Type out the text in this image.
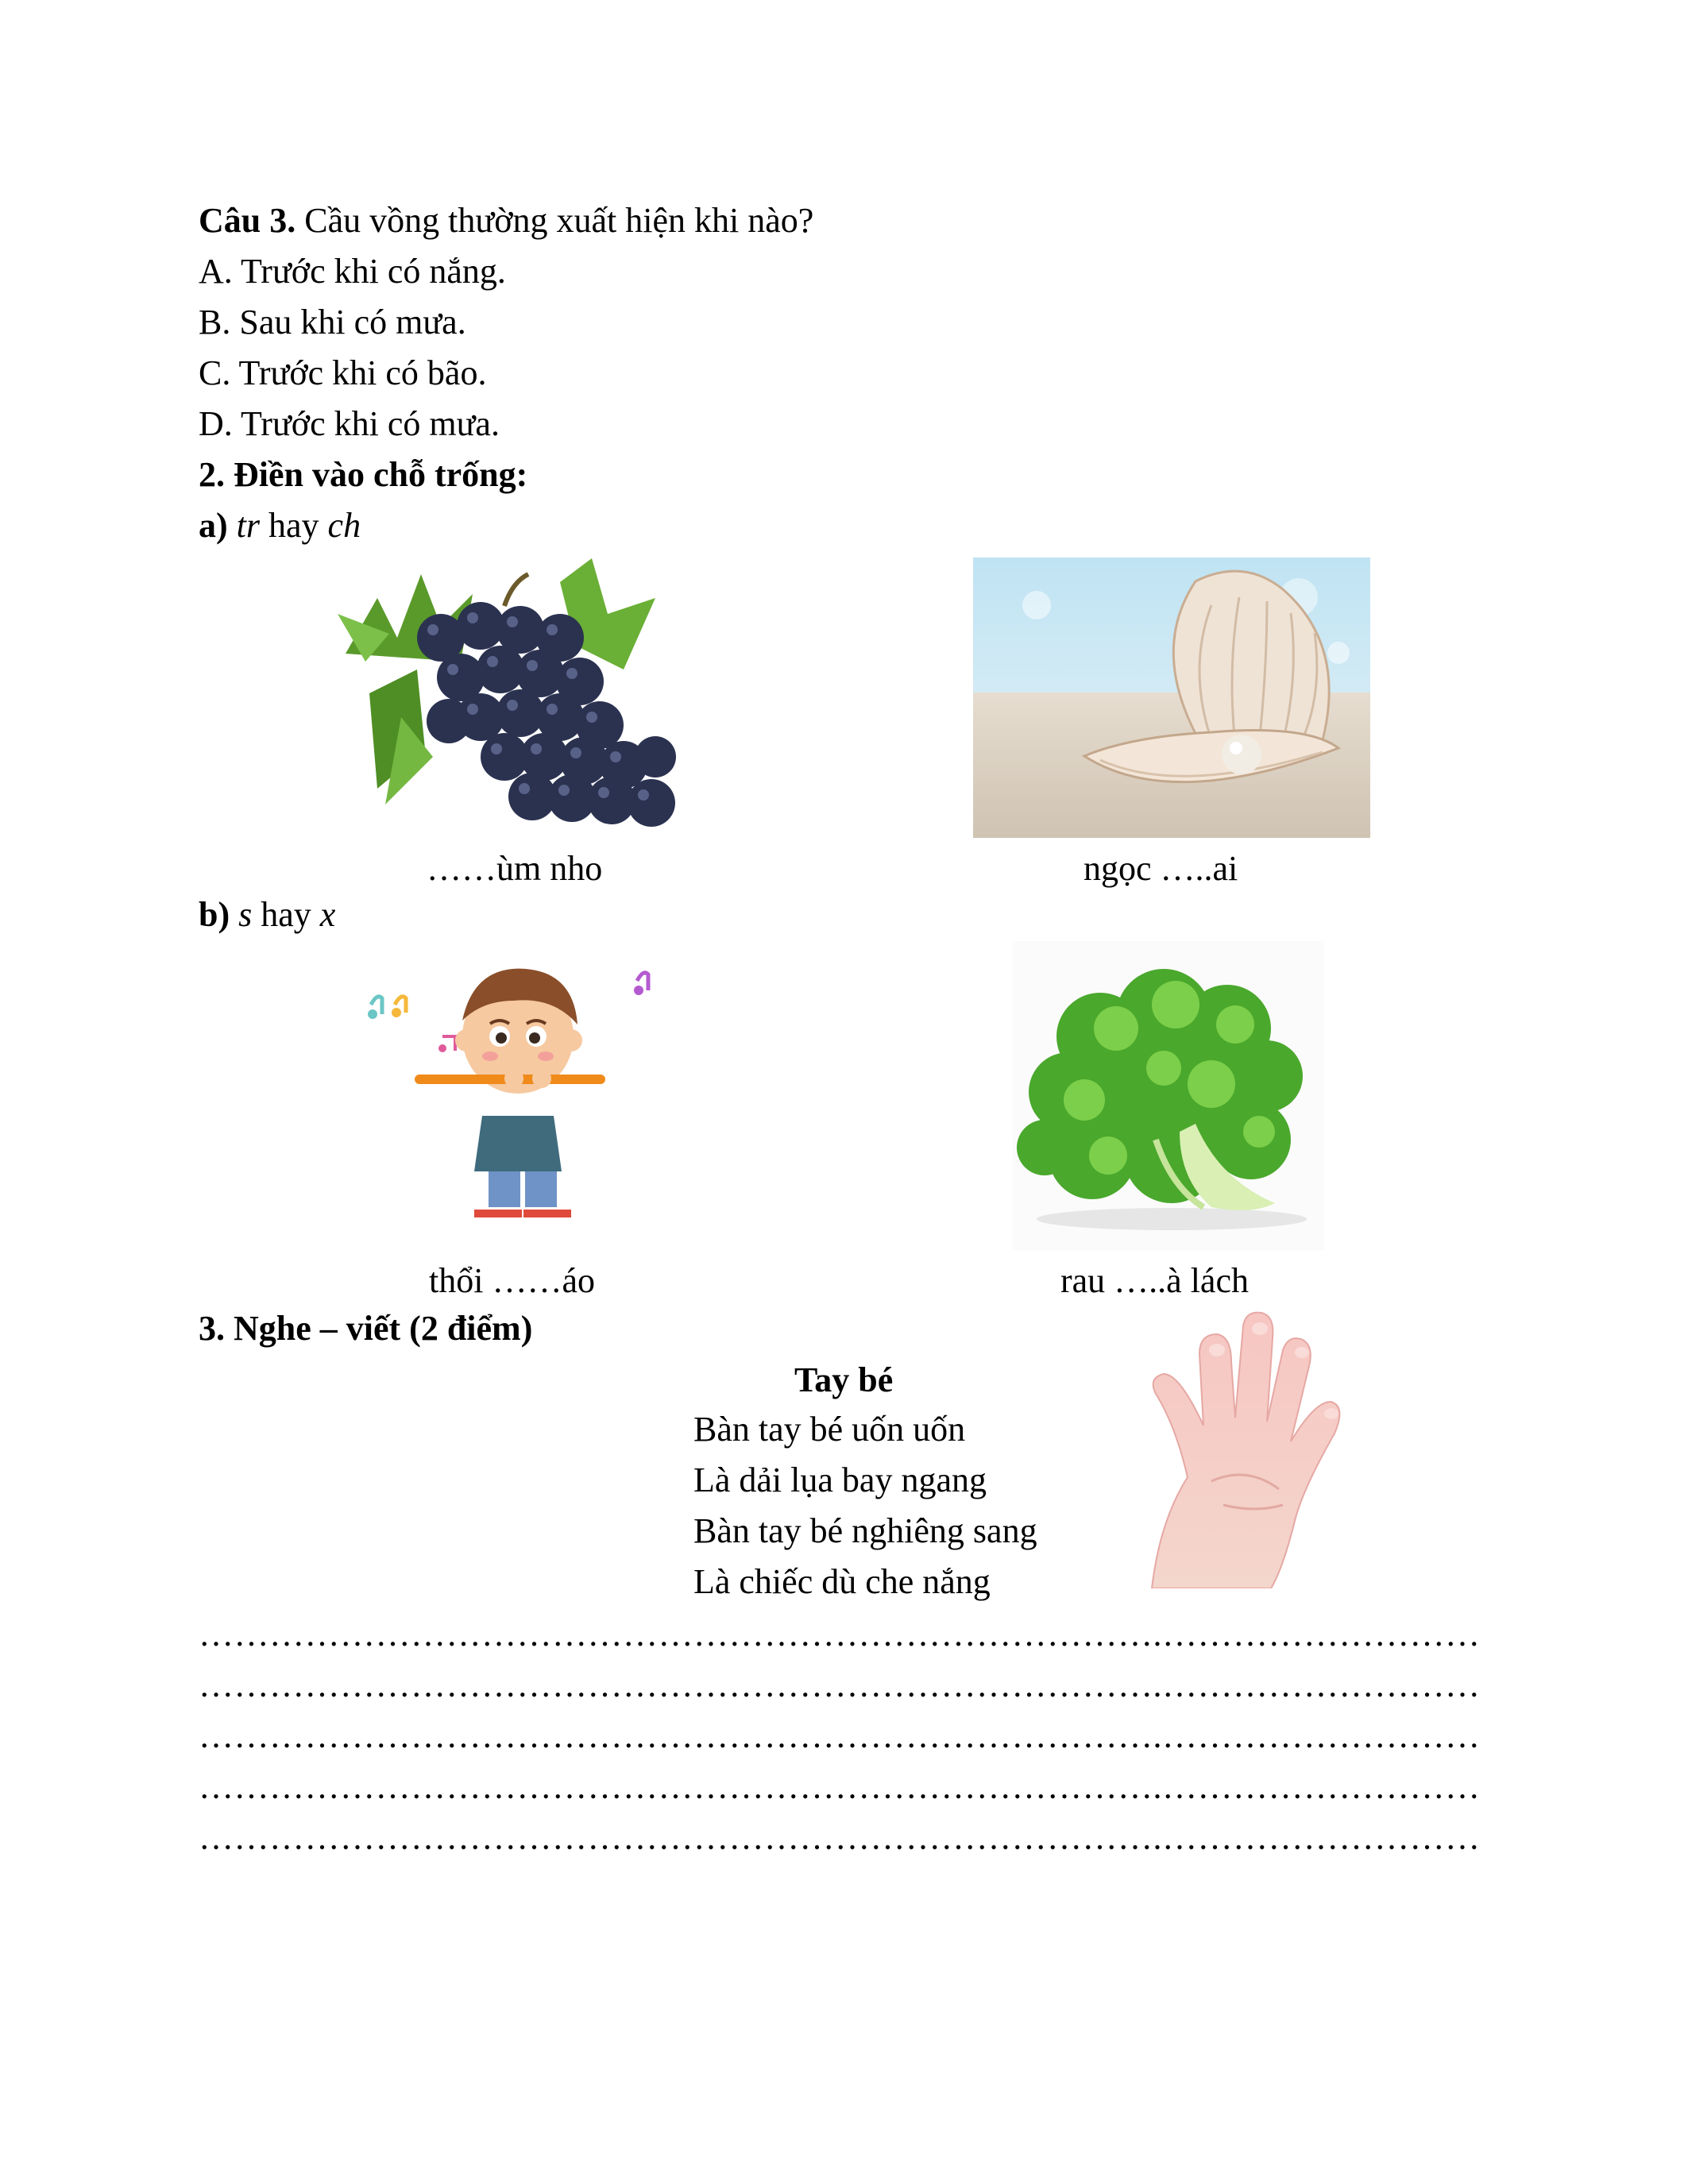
Câu 3. Cầu vồng thường xuất hiện khi nào?
A. Trước khi có nắng.
B. Sau khi có mưa.
C. Trước khi có bão.
D. Trước khi có mưa.
2. Điền vào chỗ trống:
a) tr hay ch
……ùm nho	ngọc …..ai
b) s hay x
thổi ……áo	rau …..à lách
3. Nghe – viết (2 điểm)
Tay bé
Bàn tay bé uốn uốn
Là dải lụa bay ngang
Bàn tay bé nghiêng sang
Là chiếc dù che nắng
……………………………………………………………………….………………………
……………………………………………………………………….………………………
……………………………………………………………………….………………………
……………………………………………………………………….………………………
……………………………………………………………………….………………………
